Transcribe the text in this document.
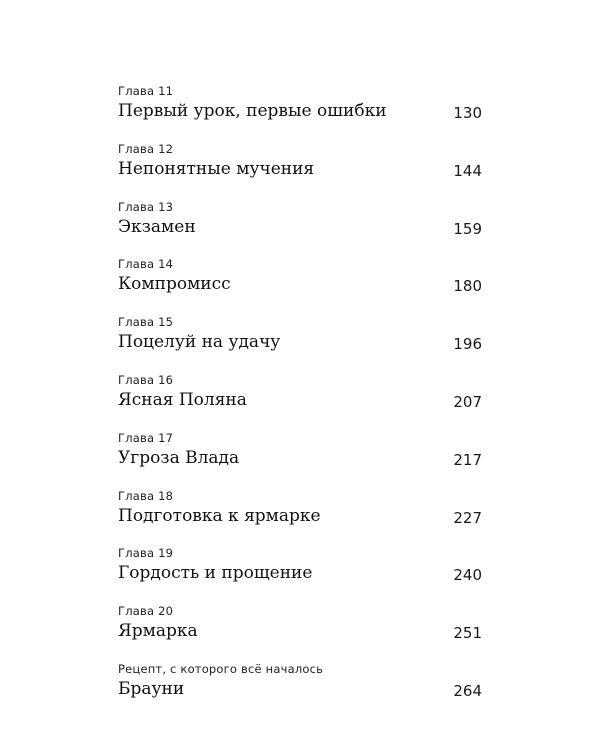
Глава 11
Первый урок, первые ошибки	130
Глава 12
Непонятные мучения	144
Глава 13
Экзамен	159
Глава 14
Компромисс	180
Глава 15
Поцелуй на удачу	196
Глава 16
Ясная Поляна	207
Глава 17
Угроза Влада	217
Глава 18
Подготовка к ярмарке	227
Глава 19
Гордость и прощение	240
Глава 20
Ярмарка	251
Рецепт, с которого всё началось
Брауни	264
